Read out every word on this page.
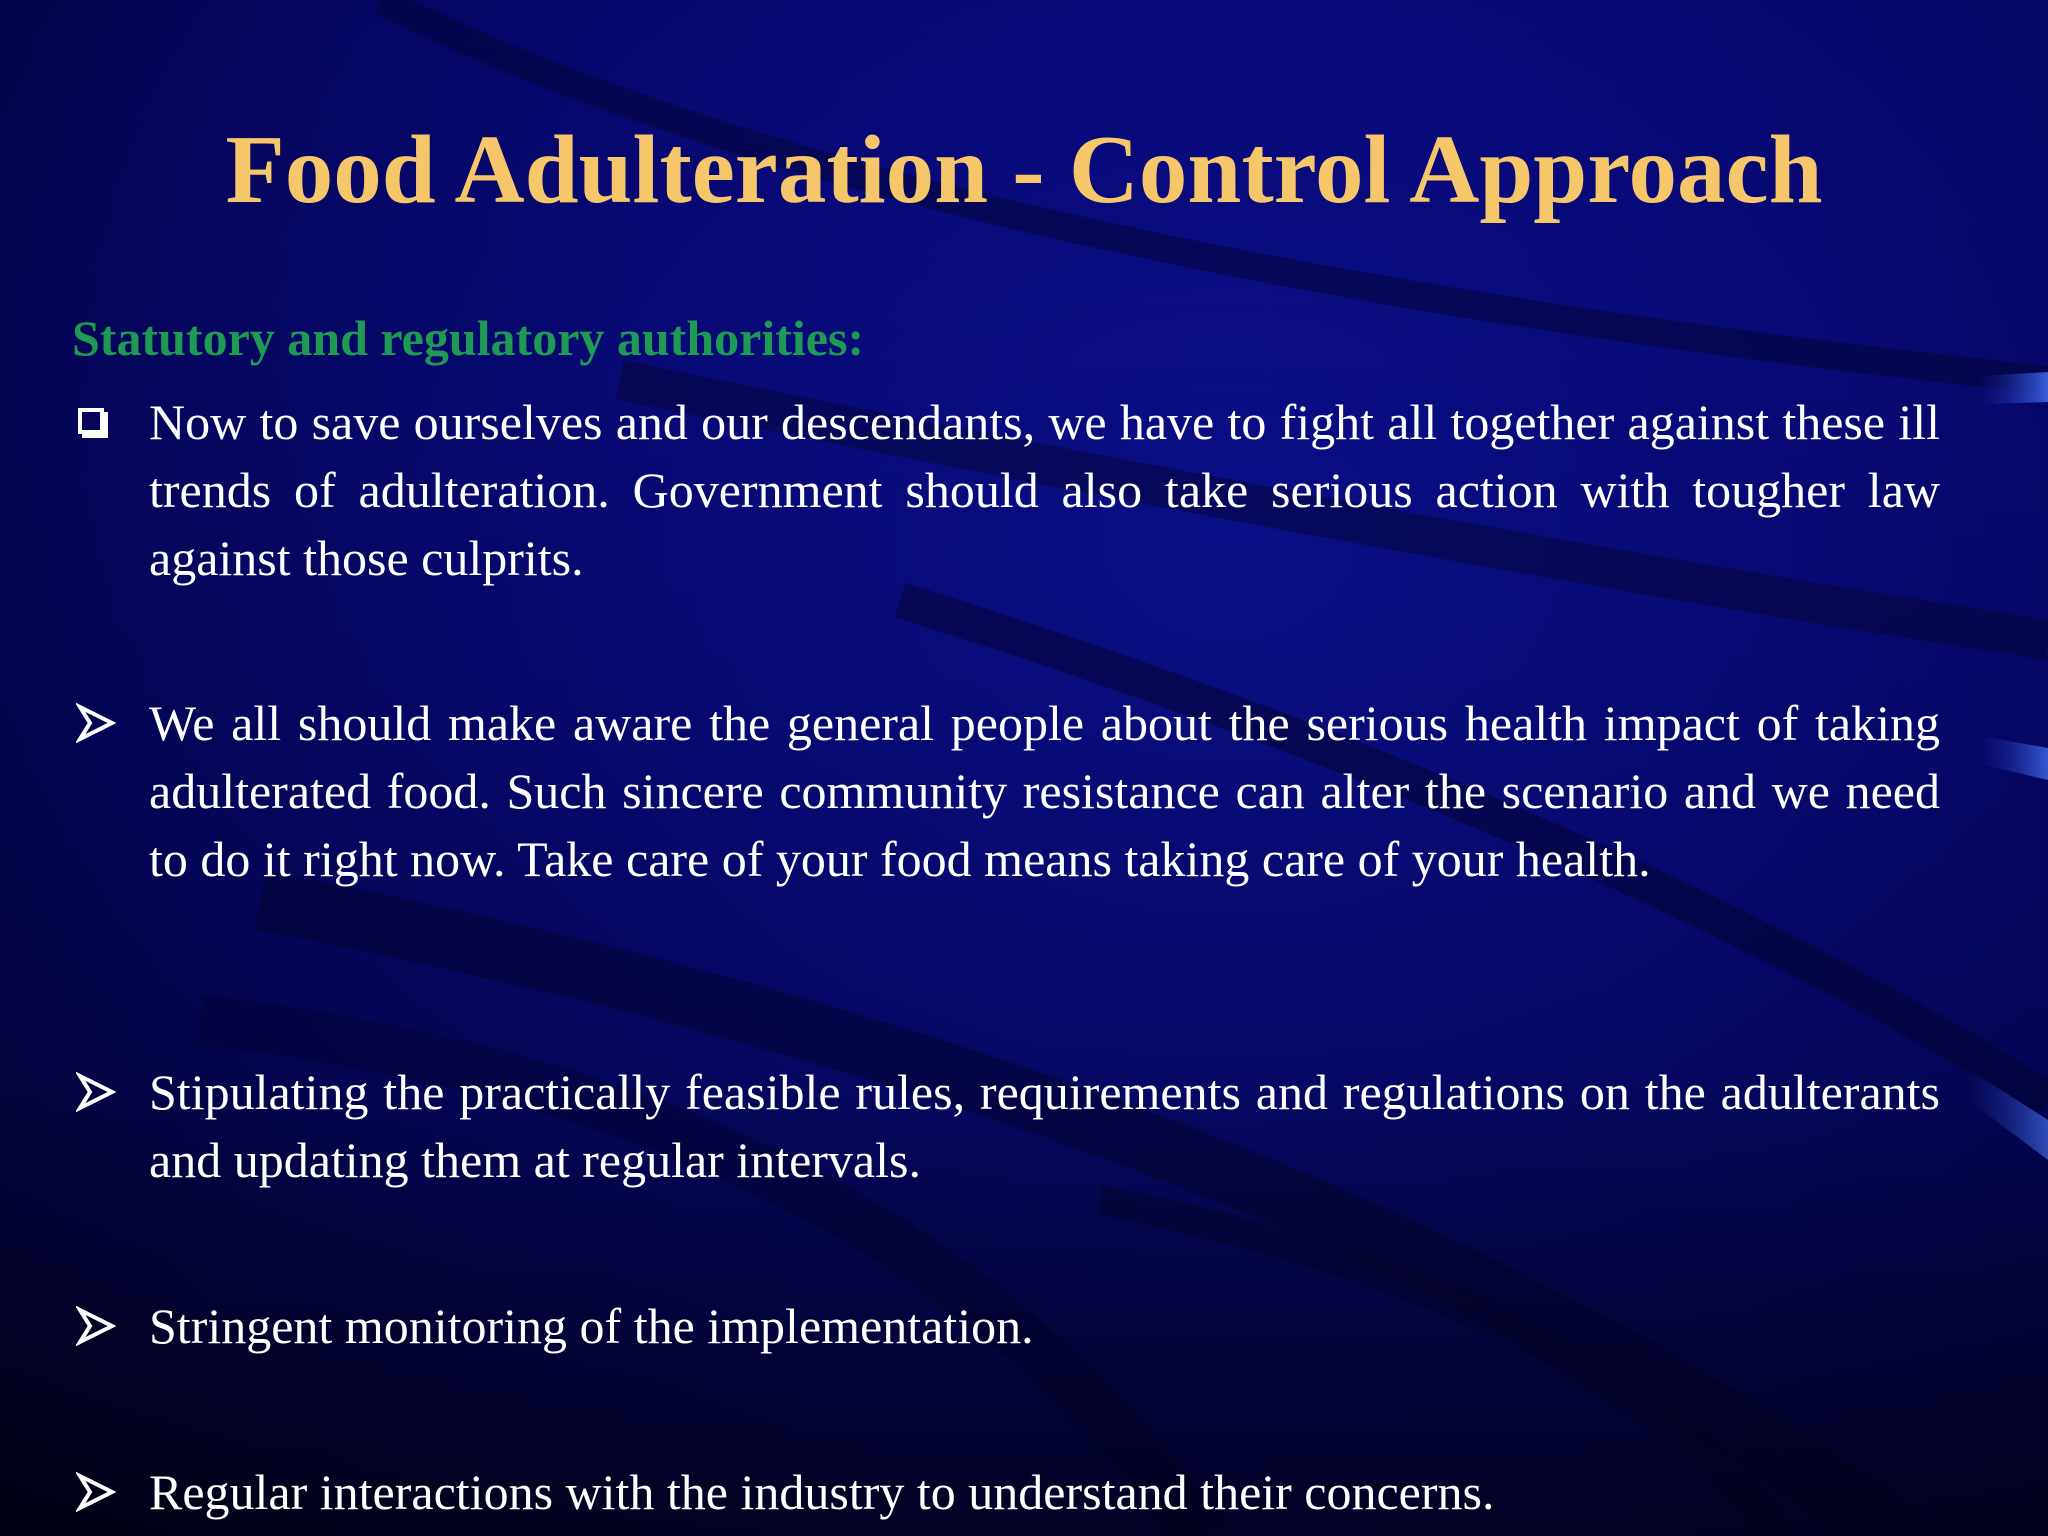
Food Adulteration - Control Approach
Statutory and regulatory authorities:
Now to save ourselves and our descendants, we have to fight all together against these ill trends of adulteration. Government should also take serious action with tougher law against those culprits.
We all should make aware the general people about the serious health impact of taking adulterated food. Such sincere community resistance can alter the scenario and we need to do it right now. Take care of your food means taking care of your health.
Stipulating the practically feasible rules, requirements and regulations on the adulterants and updating them at regular intervals.
Stringent monitoring of the implementation.
Regular interactions with the industry to understand their concerns.
